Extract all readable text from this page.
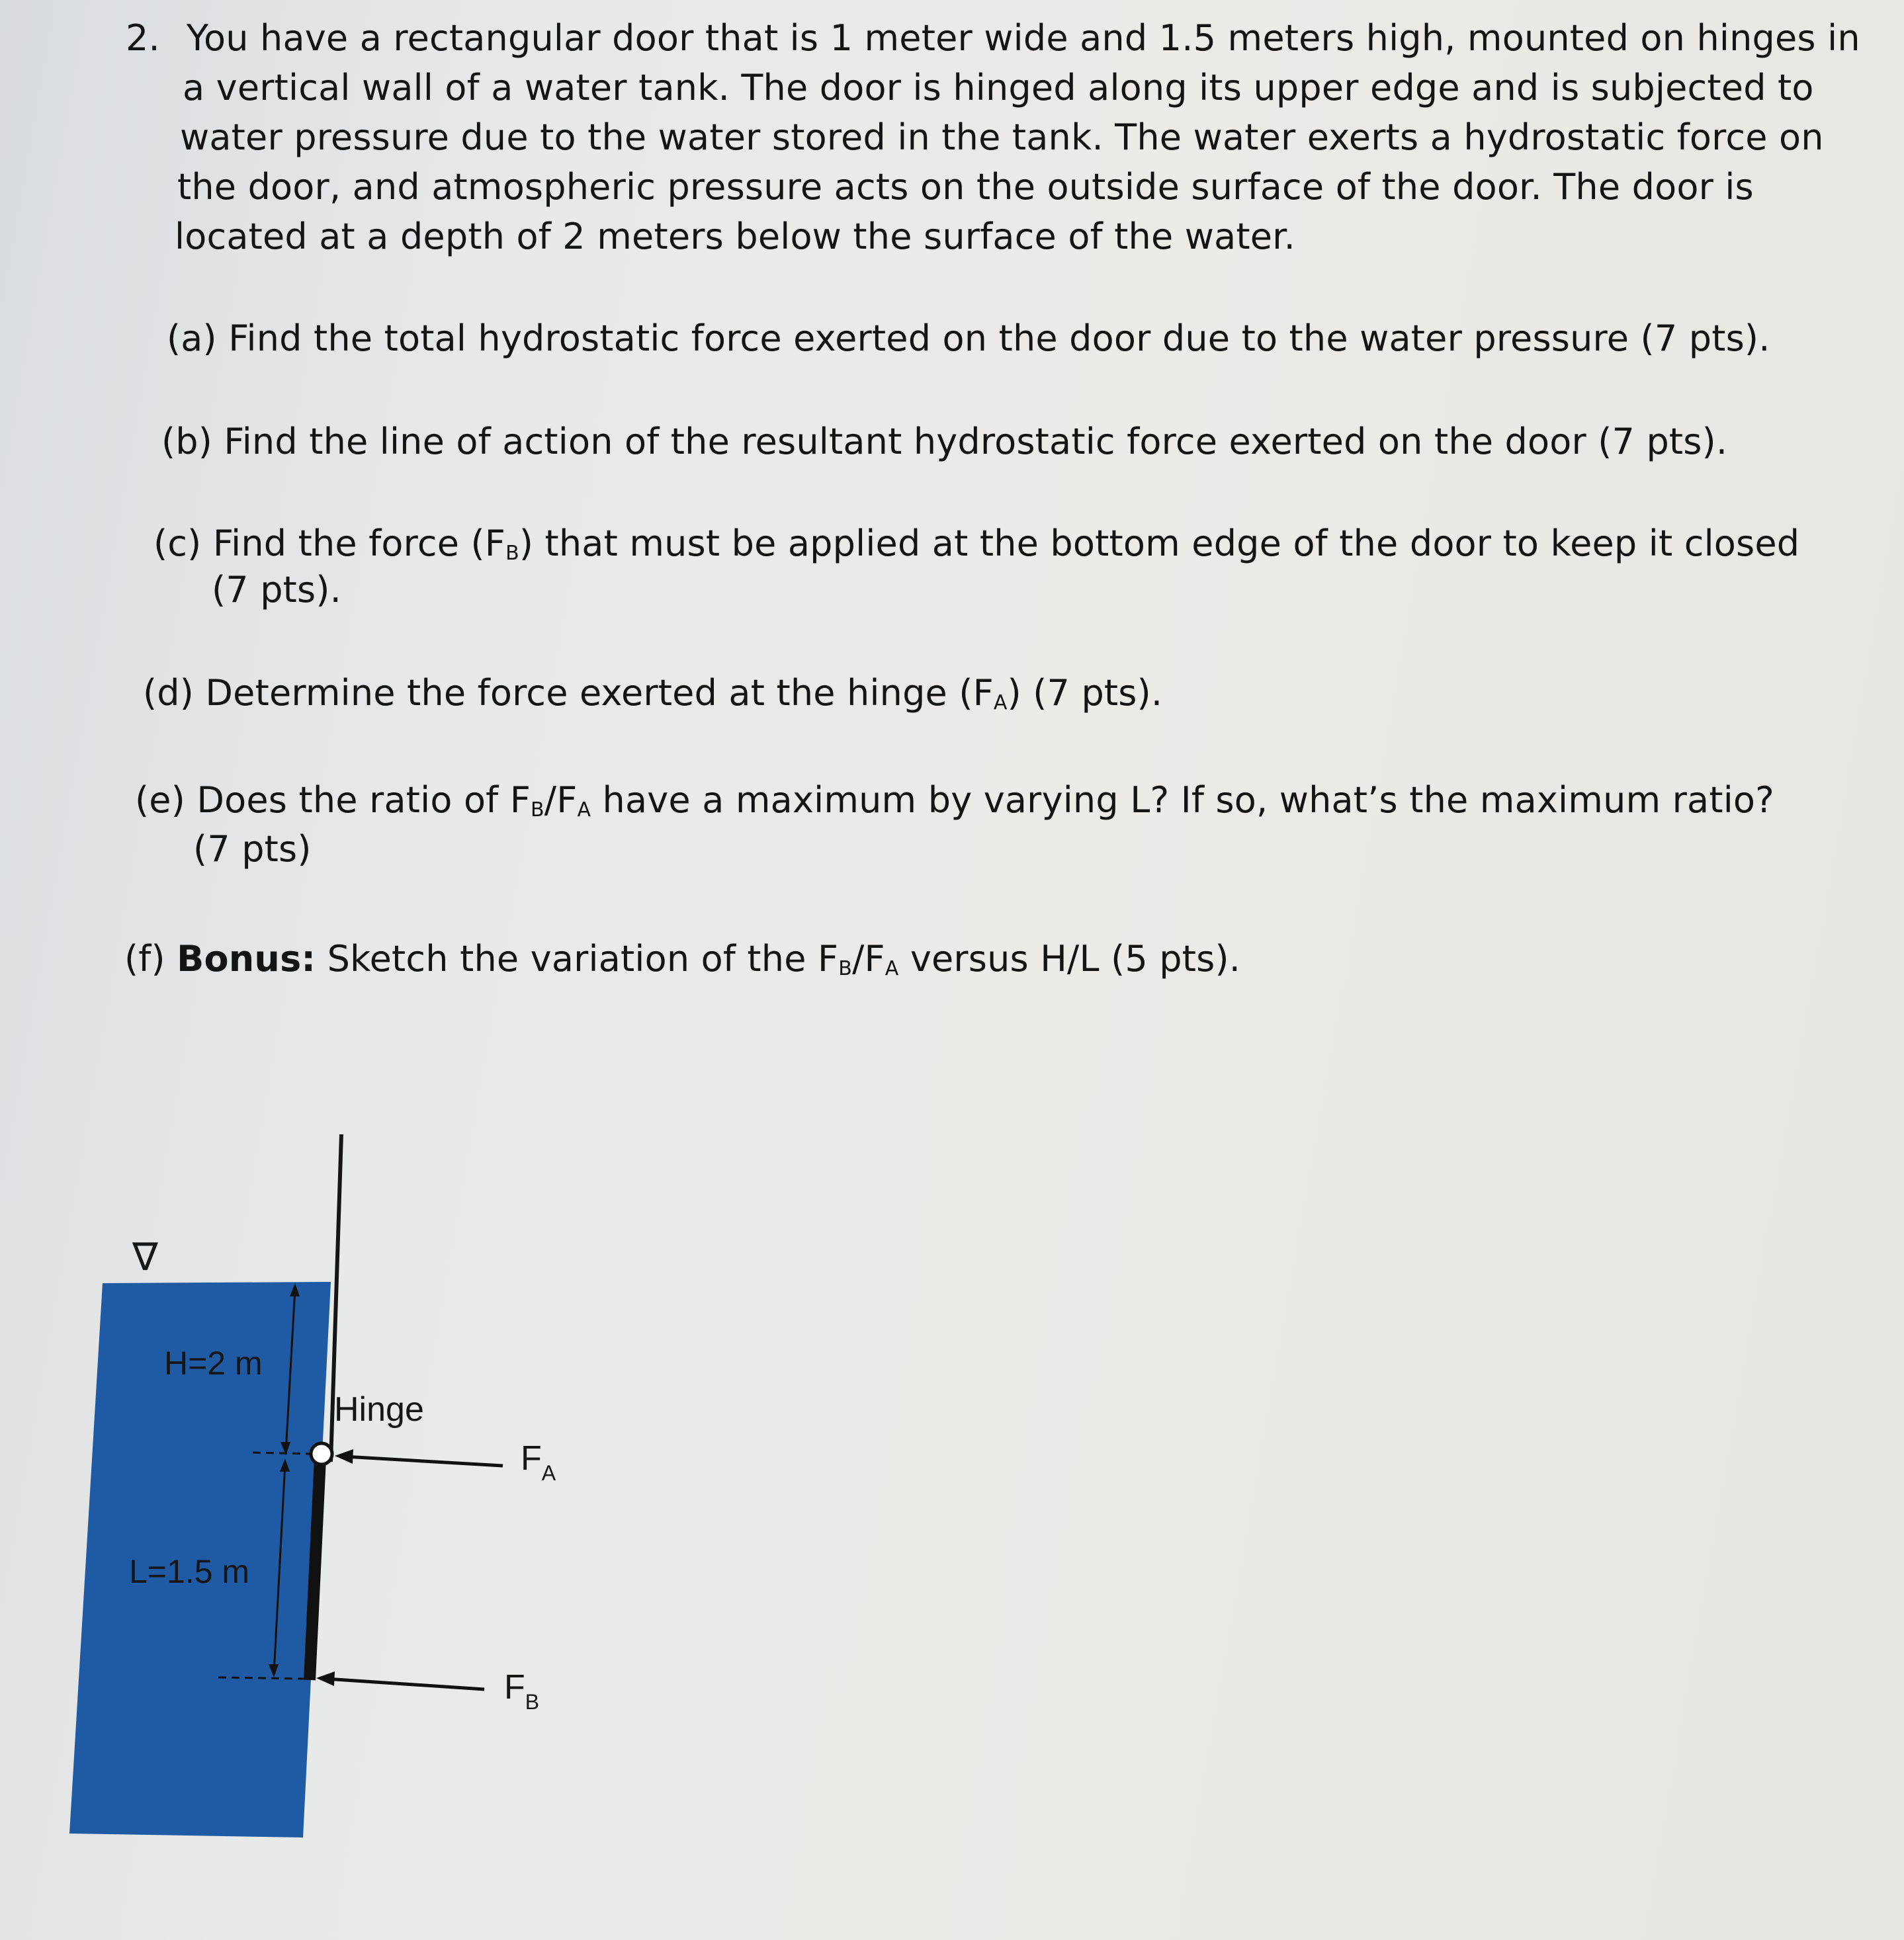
2. You have a rectangular door that is 1 meter wide and 1.5 meters high, mounted on hinges in
a vertical wall of a water tank. The door is hinged along its upper edge and is subjected to
water pressure due to the water stored in the tank. The water exerts a hydrostatic force on
the door, and atmospheric pressure acts on the outside surface of the door. The door is
located at a depth of 2 meters below the surface of the water.
(a) Find the total hydrostatic force exerted on the door due to the water pressure (7 pts).
(b) Find the line of action of the resultant hydrostatic force exerted on the door (7 pts).
(c) Find the force $(F_B)$ that must be applied at the bottom edge of the door to keep it closed
(7 pts).
(d) Determine the force exerted at the hinge $(F_A)$ (7 pts).
(e) Does the ratio of $F_B/F_A$ have a maximum by varying L? If so, what’s the maximum ratio?
(7 pts)
(f) Bonus: Sketch the variation of the $F_B/F_A$ versus H/L (5 pts).
∇
H=2 m
L=1.5 m
Hinge
$F_A$
$F_B$
